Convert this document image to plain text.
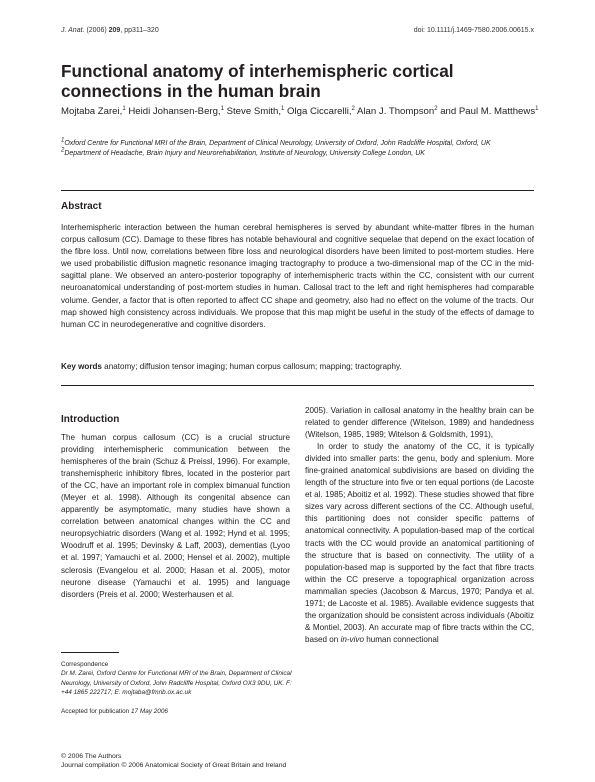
J. Anat. (2006) 209, pp311–320	doi: 10.1111/j.1469-7580.2006.00615.x
Functional anatomy of interhemispheric cortical connections in the human brain
Mojtaba Zarei,$^1$ Heidi Johansen-Berg,$^1$ Steve Smith,$^1$ Olga Ciccarelli,$^2$ Alan J. Thompson$^2$ and Paul M. Matthews$^1$
$^1$Oxford Centre for Functional MRI of the Brain, Department of Clinical Neurology, University of Oxford, John Radcliffe Hospital, Oxford, UK
$^2$Department of Headache, Brain Injury and Neurorehabilitation, Institute of Neurology, University College London, UK
Abstract
Interhemispheric interaction between the human cerebral hemispheres is served by abundant white-matter fibres in the human corpus callosum (CC). Damage to these fibres has notable behavioural and cognitive sequelae that depend on the exact location of the fibre loss. Until now, correlations between fibre loss and neurological disorders have been limited to post-mortem studies. Here we used probabilistic diffusion magnetic resonance imaging tractography to produce a two-dimensional map of the CC in the mid-sagittal plane. We observed an antero-posterior topography of interhemispheric tracts within the CC, consistent with our current neuroanatomical understanding of post-mortem studies in human. Callosal tract to the left and right hemispheres had comparable volume. Gender, a factor that is often reported to affect CC shape and geometry, also had no effect on the volume of the tracts. Our map showed high consistency across individuals. We propose that this map might be useful in the study of the effects of damage to human CC in neurodegenerative and cognitive disorders.
Key words anatomy; diffusion tensor imaging; human corpus callosum; mapping; tractography.
Introduction

The human corpus callosum (CC) is a crucial structure providing interhemispheric communication between the hemispheres of the brain (Schuz & Preissl, 1996). For example, transhemispheric inhibitory fibres, located in the posterior part of the CC, have an important role in complex bimanual function (Meyer et al. 1998). Although its congenital absence can apparently be asymptomatic, many studies have shown a correlation between anatomical changes within the CC and neuropsychiatric disorders (Wang et al. 1992; Hynd et al. 1995; Woodruff et al. 1995; Devinsky & Laff, 2003), dementias (Lyoo et al. 1997; Yamauchi et al. 2000; Hensel et al. 2002), multiple sclerosis (Evangelou et al. 2000; Hasan et al. 2005), motor neurone disease (Yamauchi et al. 1995) and language disorders (Preis et al. 2000; Westerhausen et al.

2005). Variation in callosal anatomy in the healthy brain can be related to gender difference (Witelson, 1989) and handedness (Witelson, 1985, 1989; Witelson & Goldsmith, 1991),

In order to study the anatomy of the CC, it is typically divided into smaller parts: the genu, body and splenium. More fine-grained anatomical subdivisions are based on dividing the length of the structure into five or ten equal portions (de Lacoste et al. 1985; Aboitiz et al. 1992). These studies showed that fibre sizes vary across different sections of the CC. Although useful, this partitioning does not consider specific patterns of anatomical connectivity. A population-based map of the cortical tracts with the CC would provide an anatomical partitioning of the structure that is based on connectivity. The utility of a population-based map is supported by the fact that fibre tracts within the CC preserve a topographical organization across mammalian species (Jacobson & Marcus, 1970; Pandya et al. 1971; de Lacoste et al. 1985). Available evidence suggests that the organization should be consistent across individuals (Aboitiz & Montiel, 2003). An accurate map of fibre tracts within the CC, based on in-vivo human connectional

Correspondence
Dr M. Zarei, Oxford Centre for Functional MRI of the Brain, Department of Clinical Neurology, University of Oxford, John Radcliffe Hospital, Oxford OX3 9DU, UK. F: +44 1865 222717; E: mojtaba@fmrib.ox.ac.uk
Accepted for publication 17 May 2006
© 2006 The Authors
Journal compilation © 2006 Anatomical Society of Great Britain and Ireland
